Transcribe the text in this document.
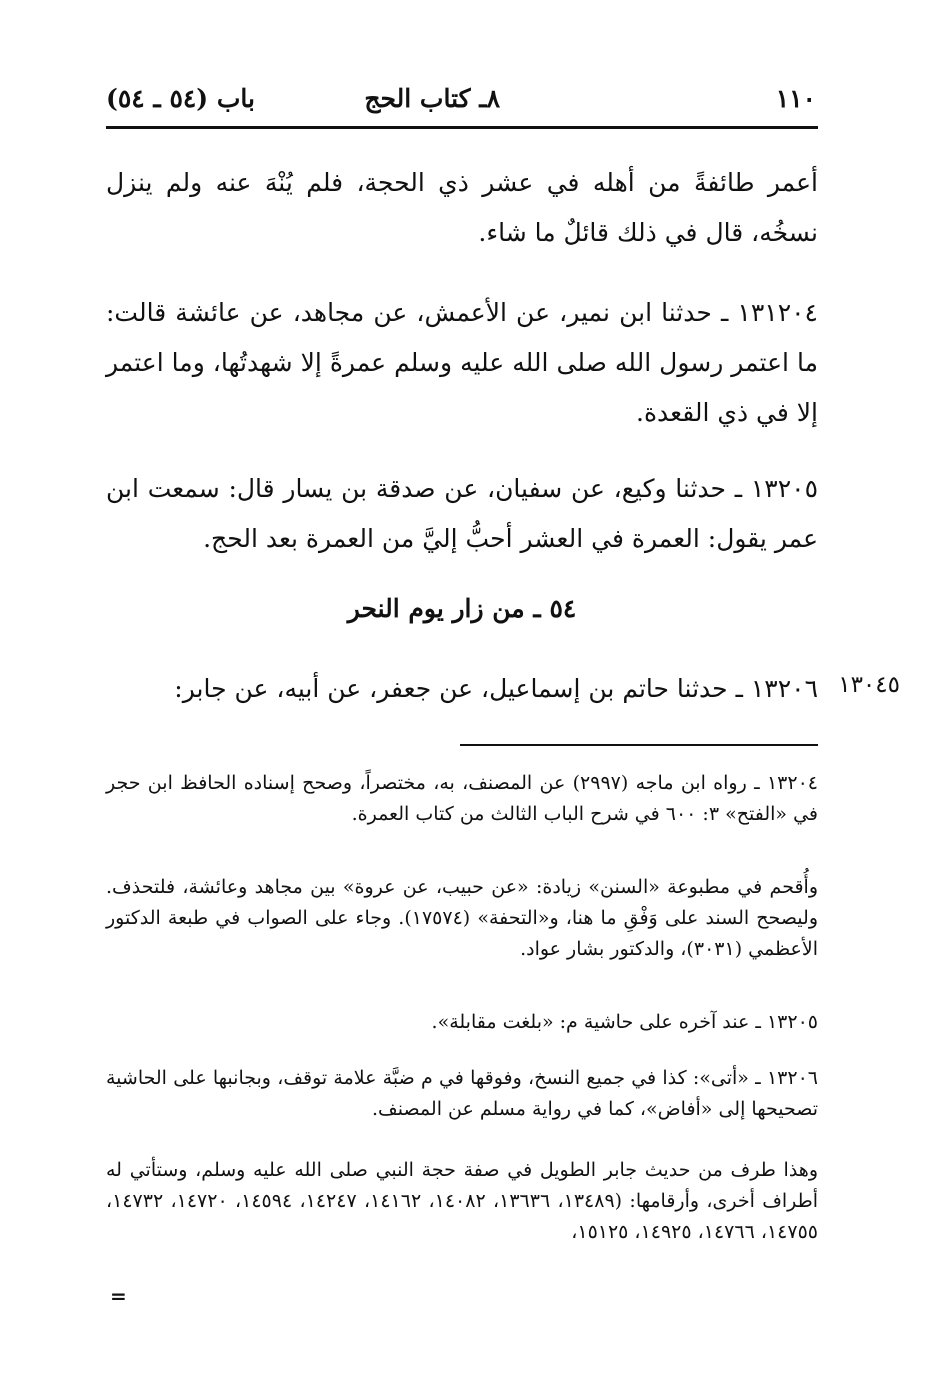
١١٠
٨ـ كتاب الحج
باب (٥٤ ـ ٥٤)
أعمر طائفةً من أهله في عشر ذي الحجة، فلم يُنْهَ عنه ولم ينزل نسخُه، قال في ذلك قائلٌ ما شاء.
١٣١٢٠٤ ـ حدثنا ابن نمير، عن الأعمش، عن مجاهد، عن عائشة قالت: ما اعتمر رسول الله صلى الله عليه وسلم عمرةً إلا شهدتُها، وما اعتمر إلا في ذي القعدة.
١٣٢٠٥ ـ حدثنا وكيع، عن سفيان، عن صدقة بن يسار قال: سمعت ابن عمر يقول: العمرة في العشر أحبُّ إليَّ من العمرة بعد الحج.
٥٤ ـ من زار يوم النحر
١٣٢٠٦ ـ حدثنا حاتم بن إسماعيل، عن جعفر، عن أبيه، عن جابر: ١٣٠٤٥
١٣٢٠٤ ـ رواه ابن ماجه (٢٩٩٧) عن المصنف، به، مختصراً، وصحح إسناده الحافظ ابن حجر في «الفتح» ٣: ٦٠٠ في شرح الباب الثالث من كتاب العمرة.
وأُقحم في مطبوعة «السنن» زيادة: «عن حبيب، عن عروة» بين مجاهد وعائشة، فلتحذف. وليصحح السند على وَفْقِ ما هنا، و«التحفة» (١٧٥٧٤). وجاء على الصواب في طبعة الدكتور الأعظمي (٣٠٣١)، والدكتور بشار عواد.
١٣٢٠٥ ـ عند آخره على حاشية م: «بلغت مقابلة».
١٣٢٠٦ ـ «أتى»: كذا في جميع النسخ، وفوقها في م ضبَّة علامة توقف، وبجانبها على الحاشية تصحيحها إلى «أفاض»، كما في رواية مسلم عن المصنف.
وهذا طرف من حديث جابر الطويل في صفة حجة النبي صلى الله عليه وسلم، وستأتي له أطراف أخرى، وأرقامها: (١٣٤٨٩، ١٣٦٣٦، ١٤٠٨٢، ١٤١٦٢، ١٤٢٤٧، ١٤٥٩٤، ١٤٧٢٠، ١٤٧٣٢، ١٤٧٥٥، ١٤٧٦٦، ١٤٩٢٥، ١٥١٢٥،
=
